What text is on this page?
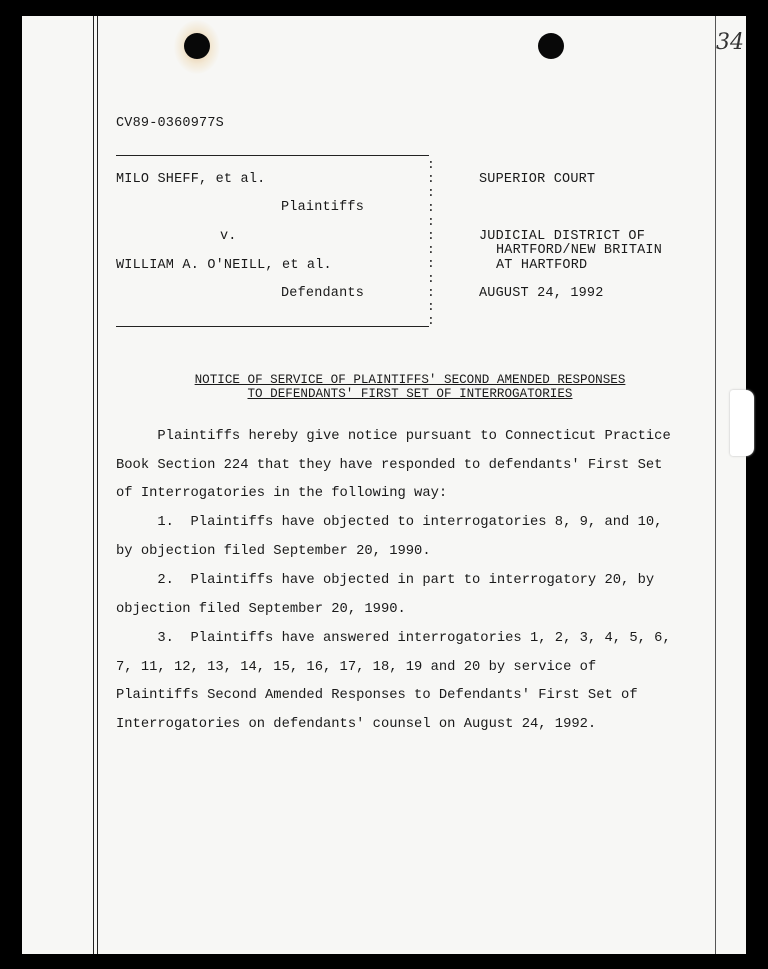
34
CV89-0360977S
:
:
:
:
:
:
:
:
:
:
:
:
MILO SHEFF, et al.
Plaintiffs
v.
WILLIAM A. O'NEILL, et al.
Defendants
SUPERIOR COURT
JUDICIAL DISTRICT OF
HARTFORD/NEW BRITAIN
AT HARTFORD
AUGUST 24, 1992
NOTICE OF SERVICE OF PLAINTIFFS' SECOND AMENDED RESPONSES
TO DEFENDANTS' FIRST SET OF INTERROGATORIES
Plaintiffs hereby give notice pursuant to Connecticut Practice
Book Section 224 that they have responded to defendants' First Set
of Interrogatories in the following way:
1.  Plaintiffs have objected to interrogatories 8, 9, and 10,
by objection filed September 20, 1990.
2.  Plaintiffs have objected in part to interrogatory 20, by
objection filed September 20, 1990.
3.  Plaintiffs have answered interrogatories 1, 2, 3, 4, 5, 6,
7, 11, 12, 13, 14, 15, 16, 17, 18, 19 and 20 by service of
Plaintiffs Second Amended Responses to Defendants' First Set of
Interrogatories on defendants' counsel on August 24, 1992.
